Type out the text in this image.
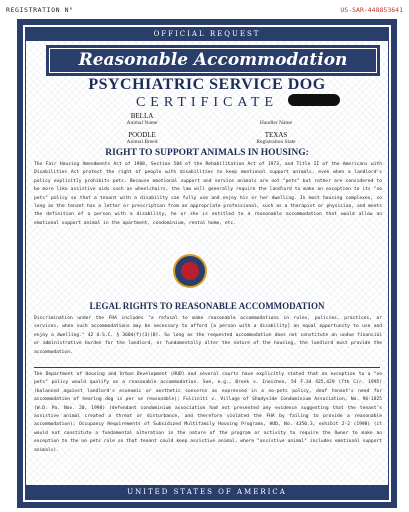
REGISTRATION N°	US-SAR-448853641
OFFICIAL REQUEST
Reasonable Accommodation
PSYCHIATRIC SERVICE DOG
CERTIFICATE
BELLA
Animal Name	Handler Name
POODLE
Animal Breed
TEXAS
Registration State
RIGHT TO SUPPORT ANIMALS IN HOUSING:
The Fair Housing Amendments Act of 1988, Section 504 of the Rehabilitation Act of 1973, and Title II of the Americans with Disabilities Act protect the right of people with disabilities to keep emotional support animals, even when a landlord's policy explicitly prohibits pets. Because emotional support and service animals are not "pets" but rather are considered to be more like assistive aids such as wheelchairs, the law will generally require the landlord to make an exception to its "no pets" policy so that a tenant with a disability can fully use and enjoy his or her dwelling. In most housing complexes, so long as the tenant has a letter or prescription from an appropriate professional, such as a therapist or physician, and meets the definition of a person with a disability, he or she is entitled to a reasonable accommodation that would allow an emotional support animal in the apartment, condominium, rental home, etc.
LEGAL RIGHTS TO REASONABLE ACCOMMODATION
Discrimination under the FHA includes "a refusal to make reasonable accommodations in rules, policies, practices, or services, when such accommodations may be necessary to afford [a person with a disability] an equal opportunity to use and enjoy a dwelling." 42 U.S.C. § 3604(f)(3)(B). So long as the requested accommodation does not constitute an undue financial or administrative burden for the landlord, or fundamentally alter the nature of the housing, the landlord must provide the accommodation.
The Department of Housing and Urban Development (HUD) and several courts have explicitly stated that an exception to a "no pets" policy would qualify as a reasonable accommodation. See, e.g., Bronk v. Ineichen, 54 F.3d 425,429 (7th Cir. 1995) (balanced against landlord's economic or aesthetic concerns as expressed in a no-pets policy, deaf tenant's need for accommodation of hearing dog is per se reasonable); Fulciniti v. Village of Shadyside Condominium Association, No. 96-1825 (W.D. Pa. Nov. 20, 1998) (defendant condominium association had not presented any evidence suggesting that the tenant's assistive animal created a threat or disturbance, and therefore violated the FHA by failing to provide a reasonable accommodation); Occupancy Requirements of Subsidized Multifamily Housing Programs, HUD, No. 4350.3, exhibit 2-2 (1998) (it would not constitute a fundamental alteration in the nature of the program or activity to require the Owner to make an exception to the no pets rule so that tenant could keep assistive animal, where "assistive animal" includes emotional support animals).
UNITED STATES OF AMERICA
